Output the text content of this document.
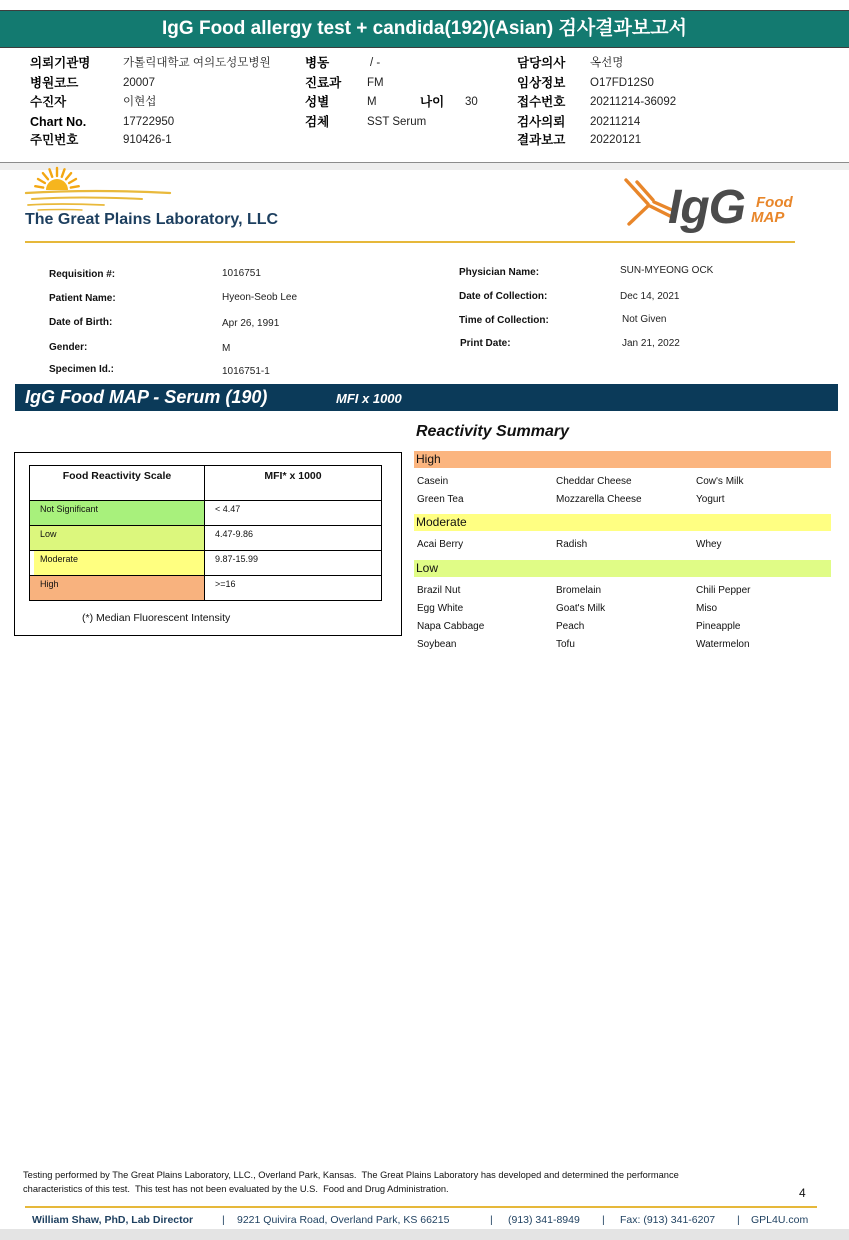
IgG Food allergy test + candida(192)(Asian) 검사결과보고서
의뢰기관명	가톨릭대학교 여의도성모병원
병원코드	20007
수진자	이현섭
Chart No.	17722950
주민번호	910426-1
병동	/ -
진료과 FM
성별	M	나이 30
검체	SST Serum
담당의사 옥선명
임상정보 O17FD12S0
접수번호 20211214-36092
검사의뢰 20211214
결과보고 20220121
The Great Plains Laboratory, LLC	IgG Food
MAP
Requisition #:	1016751
Patient Name:	Hyeon-Seob Lee
Date of Birth:	Apr 26, 1991
Gender:	M
Specimen Id.:	1016751-1
Physician Name:	SUN-MYEONG OCK
Date of Collection:	Dec 14, 2021
Time of Collection:	Not Given
Print Date:	Jan 21, 2022
IgG Food MAP - Serum (190)	MFI x 1000
Food Reactivity Scale	MFI* x 1000
Not Significant	< 4.47
Low	4.47-9.86
Moderate	9.87-15.99
High	>=16
(*) Median Fluorescent Intensity
Reactivity Summary
High
Casein	Cheddar Cheese	Cow's Milk
Green Tea	Mozzarella Cheese	Yogurt
Moderate
Acai Berry	Radish	Whey
Low
Brazil Nut	Bromelain	Chili Pepper
Egg White	Goat's Milk	Miso
Napa Cabbage	Peach	Pineapple
Soybean	Tofu	Watermelon
Testing performed by The Great Plains Laboratory, LLC., Overland Park, Kansas.  The Great Plains Laboratory has developed and determined the performance
characteristics of this test.  This test has not been evaluated by the U.S.  Food and Drug Administration.	4
William Shaw, PhD, Lab Director	| 9221 Quivira Road, Overland Park, KS 66215	| (913) 341-8949 | Fax: (913) 341-6207 | GPL4U.com
